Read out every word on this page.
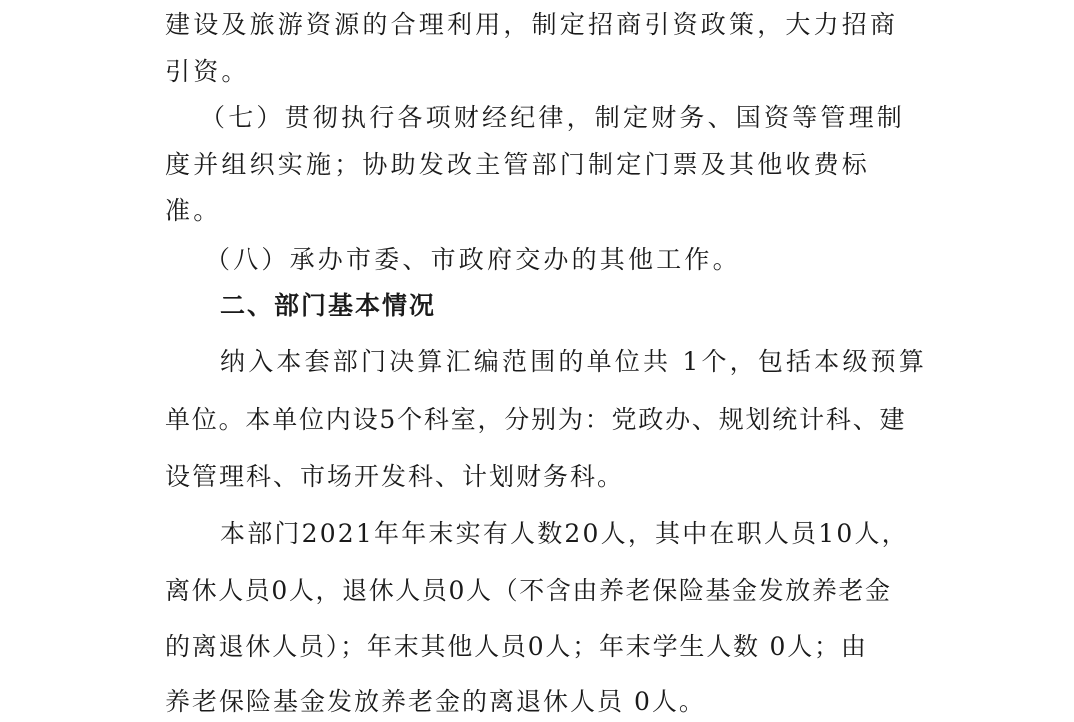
建设及旅游资源的合理利用，制定招商引资政策，大力招商
引资。
（七）贯彻执行各项财经纪律，制定财务、国资等管理制
度并组织实施；协助发改主管部门制定门票及其他收费标
准。
（八）承办市委、市政府交办的其他工作。
二、部门基本情况
纳入本套部门决算汇编范围的单位共 1个，包括本级预算
单位。本单位内设5个科室，分别为：党政办、规划统计科、建
设管理科、市场开发科、计划财务科。
本部门2021年年末实有人数20人，其中在职人员10人，
离休人员0人，退休人员0人（不含由养老保险基金发放养老金
的离退休人员）；年末其他人员0人；年末学生人数 0人；由
养老保险基金发放养老金的离退休人员 0人。
